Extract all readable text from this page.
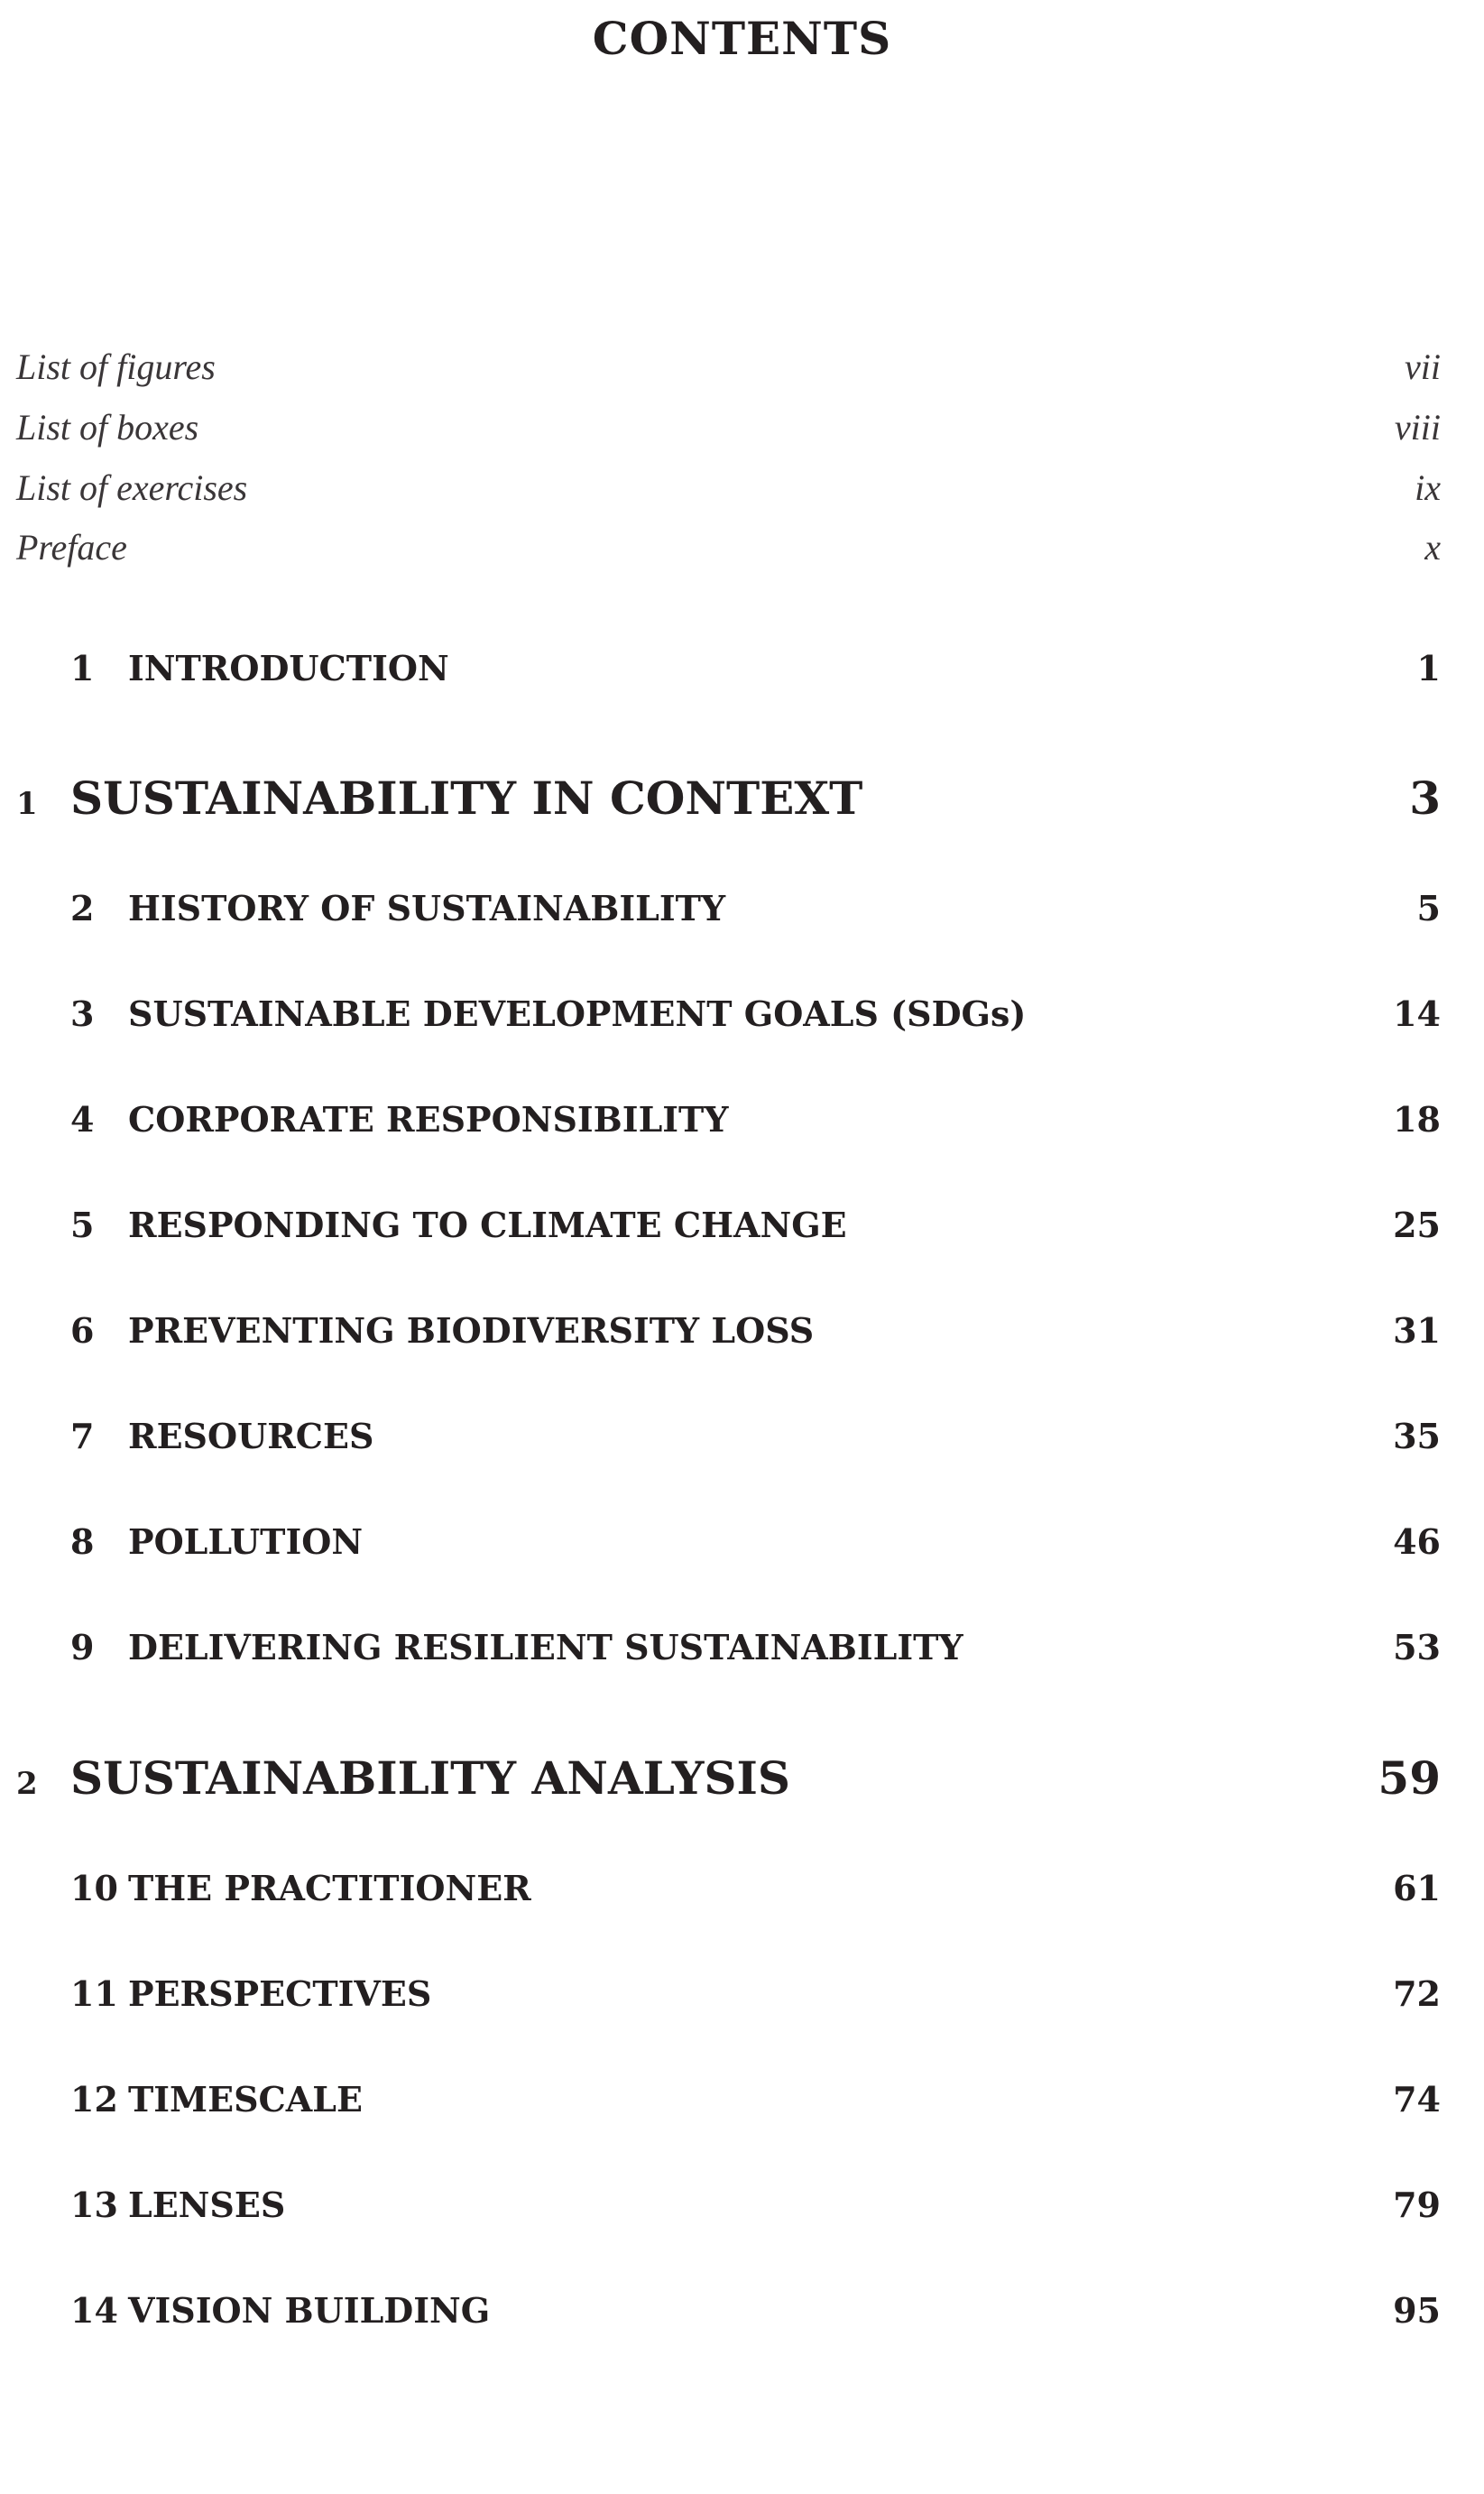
CONTENTS
List of figures	vii
List of boxes	viii
List of exercises	ix
Preface	x
1 INTRODUCTION	1
1 SUSTAINABILITY IN CONTEXT	3
2 HISTORY OF SUSTAINABILITY	5
3 SUSTAINABLE DEVELOPMENT GOALS (SDGs)	14
4 CORPORATE RESPONSIBILITY	18
5 RESPONDING TO CLIMATE CHANGE	25
6 PREVENTING BIODIVERSITY LOSS	31
7 RESOURCES	35
8 POLLUTION	46
9 DELIVERING RESILIENT SUSTAINABILITY	53
2 SUSTAINABILITY ANALYSIS	59
10 THE PRACTITIONER	61
11 PERSPECTIVES	72
12 TIMESCALE	74
13 LENSES	79
14 VISION BUILDING	95
